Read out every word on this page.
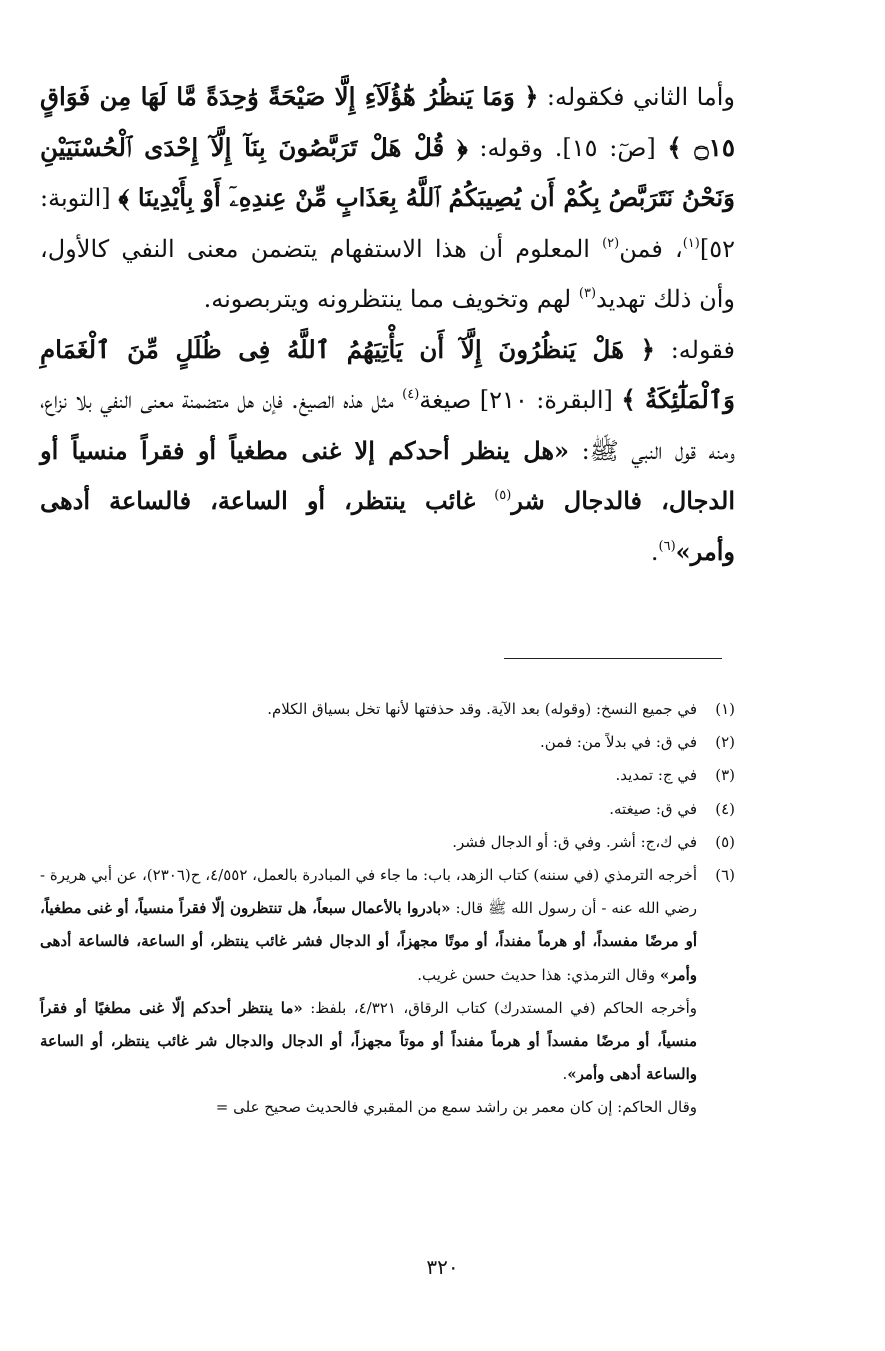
وأما الثاني فكقوله: ﴿ وَمَا يَنظُرُ هَٰٓؤُلَآءِ إِلَّا صَيْحَةً وَٰحِدَةً مَّا لَهَا مِن فَوَاقٍ ۝١٥ ﴾ [صٓ: ١٥]. وقوله: ﴿ قُلْ هَلْ تَرَبَّصُونَ بِنَآ إِلَّآ إِحْدَى ٱلْحُسْنَيَيْنِ وَنَحْنُ نَتَرَبَّصُ بِكُمْ أَن يُصِيبَكُمُ ٱللَّهُ بِعَذَابٍ مِّنْ عِندِهِۦٓ أَوْ بِأَيْدِينَا ﴾ [التوبة: ٥٢]$^{(١)}$، فمن$^{(٢)}$ المعلوم أن هذا الاستفهام يتضمن معنى النفي كالأول، وأن ذلك تهديد$^{(٣)}$ لهم وتخويف مما ينتظرونه ويتربصونه.

فقوله: ﴿ هَلْ يَنظُرُونَ إِلَّآ أَن يَأْتِيَهُمُ ٱللَّهُ فِى ظُلَلٍ مِّنَ ٱلْغَمَامِ وَٱلْمَلَٰٓئِكَةُ ﴾ [البقرة: ٢١٠] صيغة$^{(٤)}$ مثل هذه الصيغ. فإن هل متضمنة معنى النفي بلا نزاع، ومنه قول النبي ﷺ: «هل ينظر أحدكم إلا غنى مطغياً أو فقراً منسياً أو الدجال، فالدجال شر$^{(٥)}$ غائب ينتظر، أو الساعة، فالساعة أدهى وأمر»$^{(٦)}$.

(١)
في جميع النسخ: (وقوله) بعد الآية. وقد حذفتها لأنها تخل بسياق الكلام.
(٢)
في ق: في بدلاً من: فمن.
(٣)
في ج: تمديد.
(٤)
في ق: صيغته.
(٥)
في ك،ج: أشر. وفي ق: أو الدجال فشر.
(٦)

أخرجه الترمذي (في سننه) كتاب الزهد، باب: ما جاء في المبادرة بالعمل، ٤/٥٥٢، ح(٢٣٠٦)، عن أبي هريرة - رضي الله عنه - أن رسول الله ﷺ قال: «بادروا بالأعمال سبعاً، هل تنتظرون إلّا فقراً منسياً، أو غنى مطغياً، أو مرضًا مفسداً، أو هرماً مفنداً، أو موتًا مجهزاً، أو الدجال فشر غائب ينتظر، أو الساعة، فالساعة أدهى وأمر» وقال الترمذي: هذا حديث حسن غريب.

وأخرجه الحاكم (في المستدرك) كتاب الرقاق، ٤/٣٢١، بلفظ: «ما ينتظر أحدكم إلّا غنى مطغيًا أو فقراً منسياً، أو مرضًا مفسداً أو هرماً مفنداً أو موتاً مجهزاً، أو الدجال والدجال شر غائب ينتظر، أو الساعة والساعة أدهى وأمر».

وقال الحاكم: إن كان معمر بن راشد سمع من المقبري فالحديث صحيح على =

٣٢٠
